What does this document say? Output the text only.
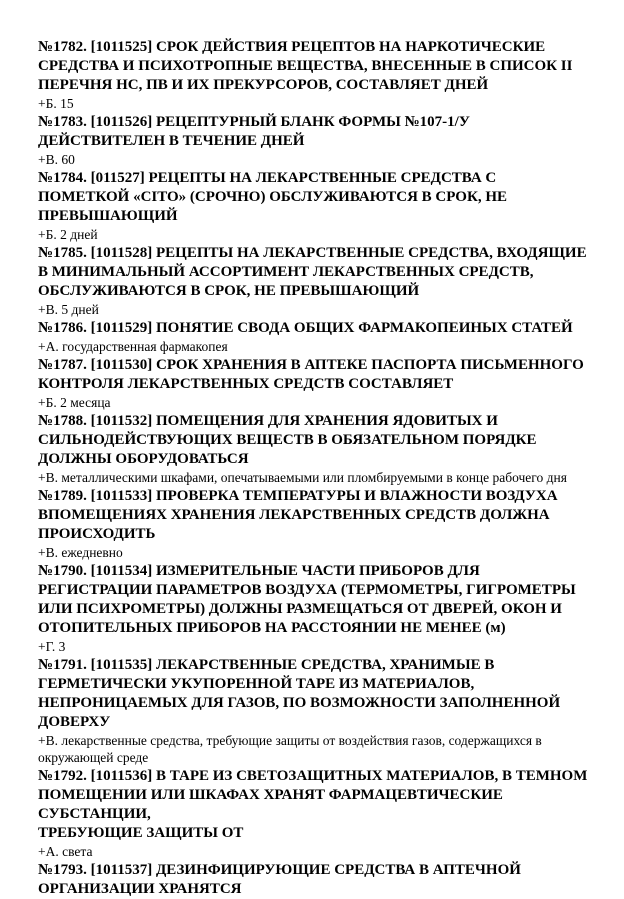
№1782. [1011525] СРОК ДЕЙСТВИЯ РЕЦЕПТОВ НА НАРКОТИЧЕСКИЕ СРЕДСТВА И ПСИХОТРОПНЫЕ ВЕЩЕСТВА, ВНЕСЕННЫЕ В СПИСОК II ПЕРЕЧНЯ НС, ПВ И ИХ ПРЕКУРСОРОВ, СОСТАВЛЯЕТ ДНЕЙ

+Б. 15

№1783. [1011526] РЕЦЕПТУРНЫЙ БЛАНК ФОРМЫ №107-1/У ДЕЙСТВИТЕЛЕН В ТЕЧЕНИЕ ДНЕЙ

+В. 60

№1784. [011527] РЕЦЕПТЫ НА ЛЕКАРСТВЕННЫЕ СРЕДСТВА С ПОМЕТКОЙ «CITO» (СРОЧНО) ОБСЛУЖИВАЮТСЯ В СРОК, НЕ ПРЕВЫШАЮЩИЙ

+Б. 2 дней

№1785. [1011528] РЕЦЕПТЫ НА ЛЕКАРСТВЕННЫЕ СРЕДСТВА, ВХОДЯЩИЕ В МИНИМАЛЬНЫЙ АССОРТИМЕНТ ЛЕКАРСТВЕННЫХ СРЕДСТВ, ОБСЛУЖИВАЮТСЯ В СРОК, НЕ ПРЕВЫШАЮЩИЙ

+В. 5 дней

№1786. [1011529] ПОНЯТИЕ СВОДА ОБЩИХ ФАРМАКОПЕИНЫХ СТАТЕЙ

+А. государственная фармакопея

№1787. [1011530] СРОК ХРАНЕНИЯ В АПТЕКЕ ПАСПОРТА ПИСЬМЕННОГО КОНТРОЛЯ ЛЕКАРСТВЕННЫХ СРЕДСТВ СОСТАВЛЯЕТ

+Б. 2 месяца

№1788. [1011532] ПОМЕЩЕНИЯ ДЛЯ ХРАНЕНИЯ ЯДОВИТЫХ И СИЛЬНОДЕЙСТВУЮЩИХ ВЕЩЕСТВ В ОБЯЗАТЕЛЬНОМ ПОРЯДКЕ ДОЛЖНЫ ОБОРУДОВАТЬСЯ

+В. металлическими шкафами, опечатываемыми или пломбируемыми в конце рабочего дня

№1789. [1011533] ПРОВЕРКА ТЕМПЕРАТУРЫ И ВЛАЖНОСТИ ВОЗДУХА ВПОМЕЩЕНИЯХ ХРАНЕНИЯ ЛЕКАРСТВЕННЫХ СРЕДСТВ ДОЛЖНА ПРОИСХОДИТЬ

+В. ежедневно

№1790. [1011534] ИЗМЕРИТЕЛЬНЫЕ ЧАСТИ ПРИБОРОВ ДЛЯ РЕГИСТРАЦИИ ПАРАМЕТРОВ ВОЗДУХА (ТЕРМОМЕТРЫ, ГИГРОМЕТРЫ ИЛИ ПСИХРОМЕТРЫ) ДОЛЖНЫ РАЗМЕЩАТЬСЯ ОТ ДВЕРЕЙ, ОКОН И ОТОПИТЕЛЬНЫХ ПРИБОРОВ НА РАССТОЯНИИ НЕ МЕНЕЕ (м)

+Г. 3

№1791. [1011535] ЛЕКАРСТВЕННЫЕ СРЕДСТВА, ХРАНИМЫЕ В ГЕРМЕТИЧЕСКИ УКУПОРЕННОЙ ТАРЕ ИЗ МАТЕРИАЛОВ, НЕПРОНИЦАЕМЫХ ДЛЯ ГАЗОВ, ПО ВОЗМОЖНОСТИ ЗАПОЛНЕННОЙ ДОВЕРХУ

+В. лекарственные средства, требующие защиты от воздействия газов, содержащихся в окружающей среде

№1792. [1011536] В ТАРЕ ИЗ СВЕТОЗАЩИТНЫХ МАТЕРИАЛОВ, В ТЕМНОМ ПОМЕЩЕНИИ ИЛИ ШКАФАХ ХРАНЯТ ФАРМАЦЕВТИЧЕСКИЕ СУБСТАНЦИИ,

ТРЕБУЮЩИЕ ЗАЩИТЫ ОТ

+А. света

№1793. [1011537] ДЕЗИНФИЦИРУЮЩИЕ СРЕДСТВА В АПТЕЧНОЙ ОРГАНИЗАЦИИ ХРАНЯТСЯ
